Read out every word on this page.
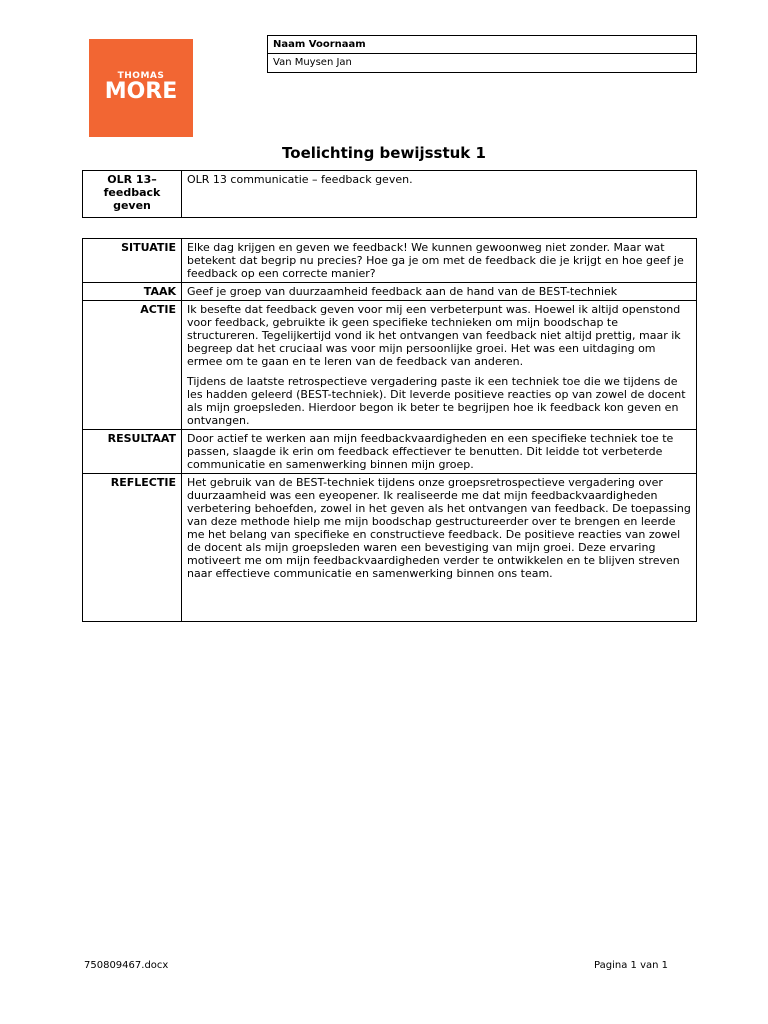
THOMAS
MORE
Naam Voornaam
Van Muysen Jan
Toelichting bewijsstuk 1
OLR 13– feedback geven	OLR 13 communicatie – feedback geven.
SITUATIE	Elke dag krijgen en geven we feedback! We kunnen gewoonweg niet zonder. Maar wat betekent dat begrip nu precies? Hoe ga je om met de feedback die je krijgt en hoe geef je feedback op een correcte manier?
TAAK	Geef je groep van duurzaamheid feedback aan de hand van de BEST-techniek
ACTIE	Ik besefte dat feedback geven voor mij een verbeterpunt was. Hoewel ik altijd openstond voor feedback, gebruikte ik geen specifieke technieken om mijn boodschap te structureren. Tegelijkertijd vond ik het ontvangen van feedback niet altijd prettig, maar ik begreep dat het cruciaal was voor mijn persoonlijke groei. Het was een uitdaging om ermee om te gaan en te leren van de feedback van anderen.

Tijdens de laatste retrospectieve vergadering paste ik een techniek toe die we tijdens de les hadden geleerd (BEST-techniek). Dit leverde positieve reacties op van zowel de docent als mijn groepsleden. Hierdoor begon ik beter te begrijpen hoe ik feedback kon geven en ontvangen.

RESULTAAT	Door actief te werken aan mijn feedbackvaardigheden en een specifieke techniek toe te passen, slaagde ik erin om feedback effectiever te benutten. Dit leidde tot verbeterde communicatie en samenwerking binnen mijn groep.
REFLECTIE	Het gebruik van de BEST-techniek tijdens onze groepsretrospectieve vergadering over duurzaamheid was een eyeopener. Ik realiseerde me dat mijn feedbackvaardigheden verbetering behoefden, zowel in het geven als het ontvangen van feedback. De toepassing van deze methode hielp me mijn boodschap gestructureerder over te brengen en leerde me het belang van specifieke en constructieve feedback. De positieve reacties van zowel de docent als mijn groepsleden waren een bevestiging van mijn groei. Deze ervaring motiveert me om mijn feedbackvaardigheden verder te ontwikkelen en te blijven streven naar effectieve communicatie en samenwerking binnen ons team.
750809467.docx	Pagina 1 van 1
